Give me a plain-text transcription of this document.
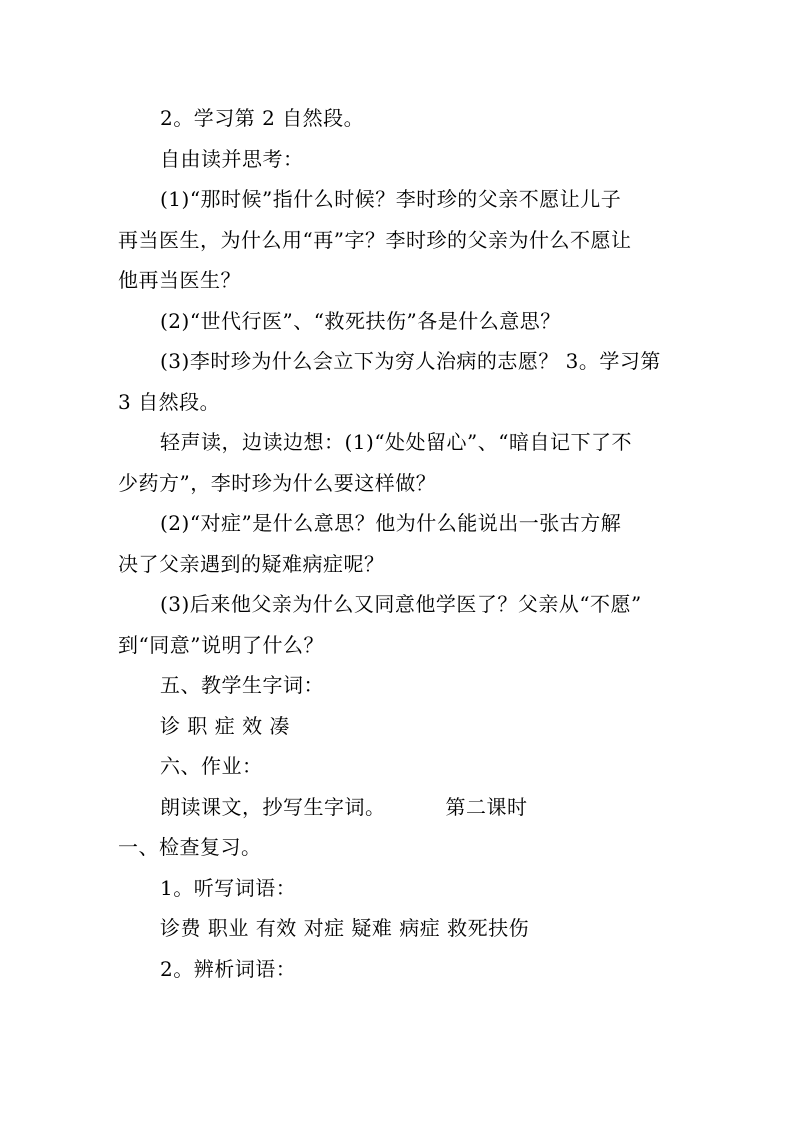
2。学习第 2 自然段。
自由读并思考：
(1)“那时候”指什么时候？李时珍的父亲不愿让儿子
再当医生，为什么用“再”字？李时珍的父亲为什么不愿让
他再当医生？
(2)“世代行医”、“救死扶伤”各是什么意思？
(3)李时珍为什么会立下为穷人治病的志愿？ 3。学习第
3 自然段。
轻声读，边读边想：(1)“处处留心”、“暗自记下了不
少药方”，李时珍为什么要这样做？
(2)“对症”是什么意思？他为什么能说出一张古方解
决了父亲遇到的疑难病症呢？
(3)后来他父亲为什么又同意他学医了？父亲从“不愿”
到“同意”说明了什么？
五、教学生字词：
诊 职 症 效 凑
六、作业：
朗读课文，抄写生字词。	第二课时
一、检查复习。
1。听写词语：
诊费 职业 有效 对症 疑难 病症 救死扶伤
2。辨析词语：
